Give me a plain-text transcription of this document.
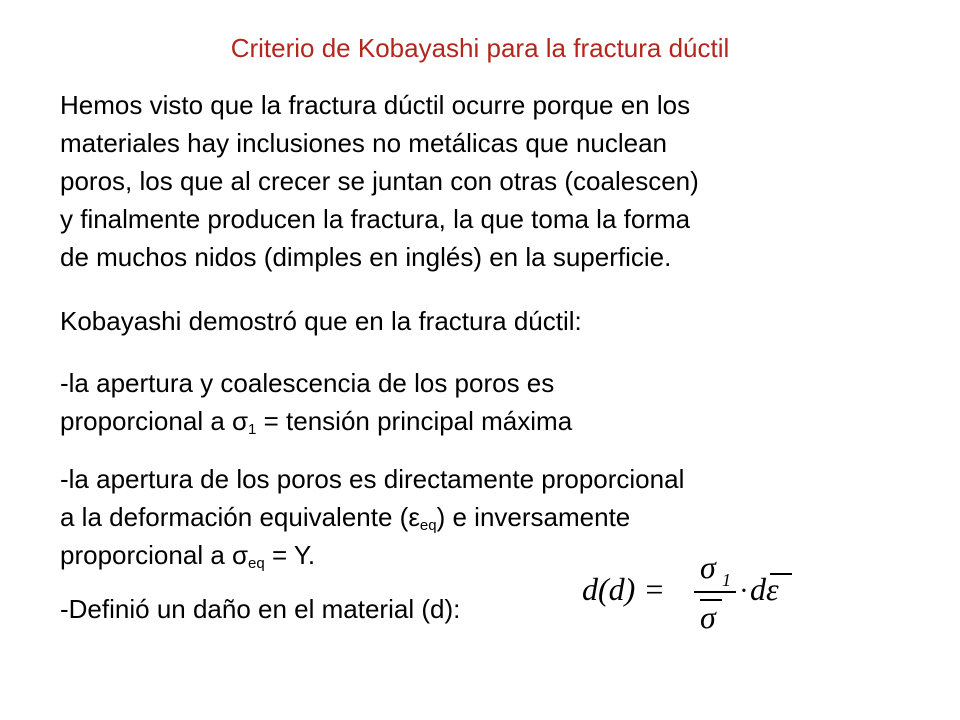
Criterio de Kobayashi para la fractura dúctil

Hemos visto que la fractura dúctil ocurre porque en los
materiales hay inclusiones no metálicas que nuclean
poros, los que al crecer se juntan con otras (coalescen)
y finalmente producen la fractura, la que toma la forma
de muchos nidos (dimples en inglés) en la superficie.

Kobayashi demostró que en la fractura dúctil:

-la apertura y coalescencia de los poros es
proporcional a $\sigma_1$ = tensión principal máxima

-la apertura de los poros es directamente proporcional
a la deformación equivalente $(\varepsilon_{eq})$ e inversamente
proporcional a $\sigma_{eq} = Y$.

-Definió un daño en el material (d):

d(d) =
σ 1
σ
· dε
